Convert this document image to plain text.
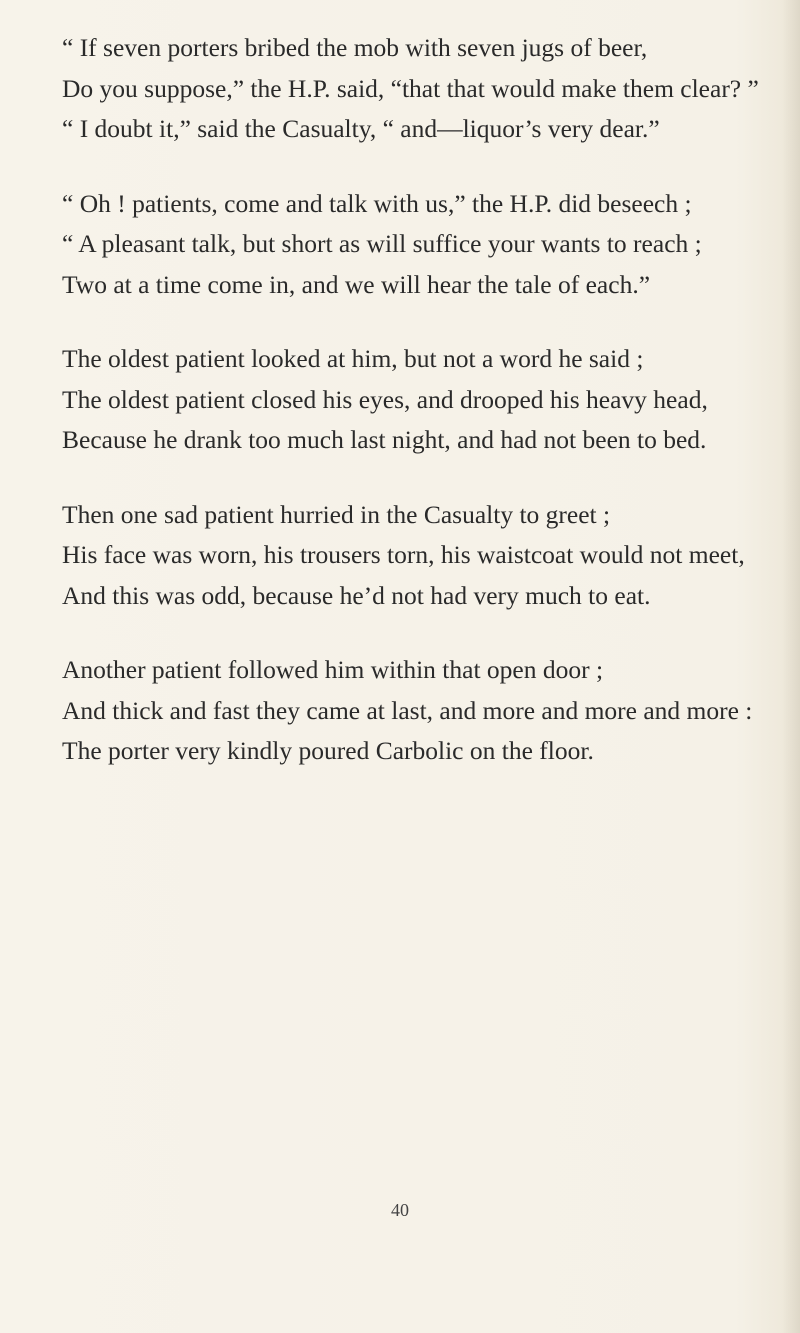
“ If seven porters bribed the mob with seven jugs of beer,

Do you suppose,” the H.P. said, “that that would make them clear? ”

“ I doubt it,” said the Casualty, “ and—liquor’s very dear.”

“ Oh ! patients, come and talk with us,” the H.P. did beseech ;

“ A pleasant talk, but short as will suffice your wants to reach ;

Two at a time come in, and we will hear the tale of each.”

The oldest patient looked at him, but not a word he said ;

The oldest patient closed his eyes, and drooped his heavy head,

Because he drank too much last night, and had not been to bed.

Then one sad patient hurried in the Casualty to greet ;

His face was worn, his trousers torn, his waistcoat would not meet,

And this was odd, because he’d not had very much to eat.

Another patient followed him within that open door ;

And thick and fast they came at last, and more and more and more :

The porter very kindly poured Carbolic on the floor.

40
